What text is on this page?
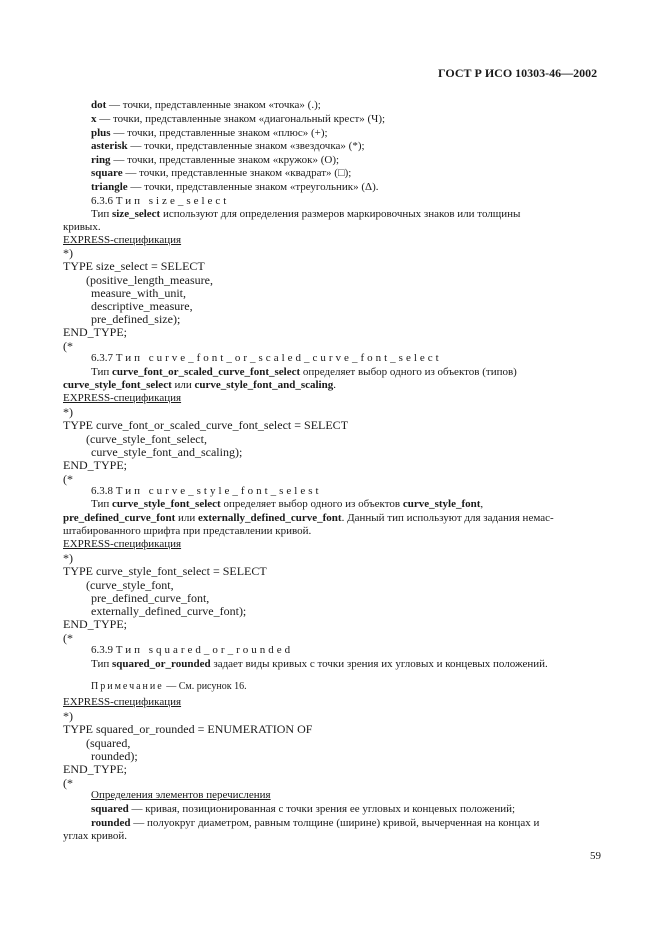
ГОСТ Р ИСО 10303-46—2002
dot — точки, представленные знаком «точка» (.);
x — точки, представленные знаком «диагональный крест» (Ч);
plus — точки, представленные знаком «плюс» (+);
asterisk — точки, представленные знаком «звездочка» (*);
ring — точки, представленные знаком «кружок» (О);
square — точки, представленные знаком «квадрат» (□);
triangle — точки, представленные знаком «треугольник» (Δ).
6.3.6 Тип size_select
Тип size_select используют для определения размеров маркировочных знаков или толщины
кривых.
EXPRESS-спецификация
*)
TYPE size_select = SELECT
(positive_length_measure,
measure_with_unit,
descriptive_measure,
pre_defined_size);
END_TYPE;
(*
6.3.7 Тип curve_font_or_scaled_curve_font_select
Тип curve_font_or_scaled_curve_font_select определяет выбор одного из объектов (типов)
curve_style_font_select или curve_style_font_and_scaling.
EXPRESS-спецификация
*)
TYPE curve_font_or_scaled_curve_font_select = SELECT
(curve_style_font_select,
curve_style_font_and_scaling);
END_TYPE;
(*
6.3.8 Тип curve_style_font_selest
Тип curve_style_font_select определяет выбор одного из объектов curve_style_font,
pre_defined_curve_font или externally_defined_curve_font. Данный тип используют для задания немас-
штабированного шрифта при представлении кривой.
EXPRESS-спецификация
*)
TYPE curve_style_font_select = SELECT
(curve_style_font,
pre_defined_curve_font,
externally_defined_curve_font);
END_TYPE;
(*
6.3.9 Тип squared_or_rounded
Тип squared_or_rounded задает виды кривых с точки зрения их угловых и концевых положений.
Примечание — См. рисунок 16.
EXPRESS-спецификация
*)
TYPE squared_or_rounded = ENUMERATION OF
(squared,
rounded);
END_TYPE;
(*
Определения элементов перечисления
squared — кривая, позиционированная с точки зрения ее угловых и концевых положений;
rounded — полуокруг диаметром, равным толщине (ширине) кривой, вычерченная на концах и
углах кривой.
59
